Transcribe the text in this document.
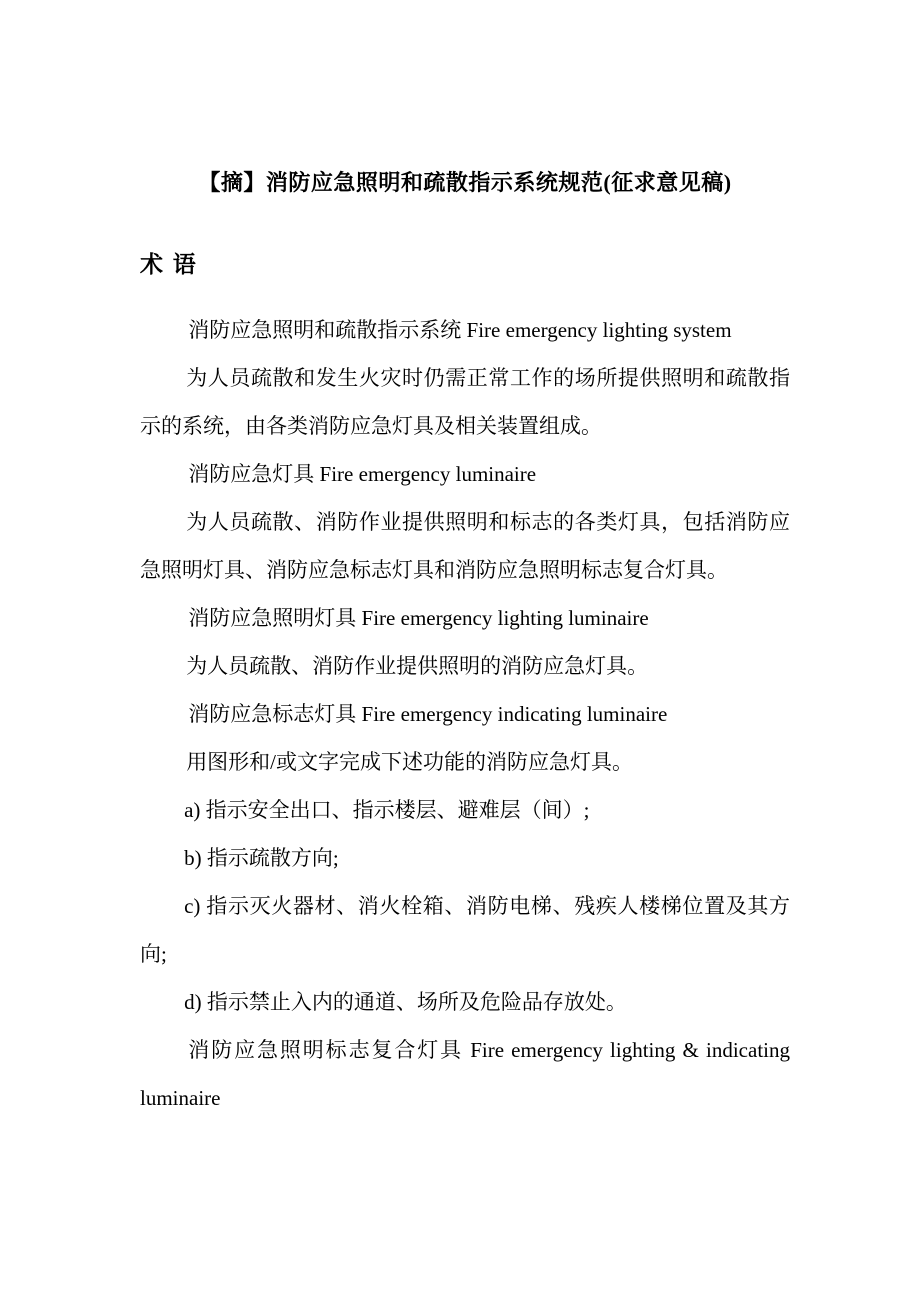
【摘】消防应急照明和疏散指示系统规范(征求意见稿)
术 语

消防应急照明和疏散指示系统 Fire emergency lighting system

为人员疏散和发生火灾时仍需正常工作的场所提供照明和疏散指示的系统，由各类消防应急灯具及相关装置组成。

消防应急灯具 Fire emergency luminaire

为人员疏散、消防作业提供照明和标志的各类灯具，包括消防应急照明灯具、消防应急标志灯具和消防应急照明标志复合灯具。

消防应急照明灯具 Fire emergency lighting luminaire

为人员疏散、消防作业提供照明的消防应急灯具。

消防应急标志灯具 Fire emergency indicating luminaire

用图形和/或文字完成下述功能的消防应急灯具。

a) 指示安全出口、指示楼层、避难层（间）;

b) 指示疏散方向;

c) 指示灭火器材、消火栓箱、消防电梯、残疾人楼梯位置及其方向;

d) 指示禁止入内的通道、场所及危险品存放处。

消防应急照明标志复合灯具 Fire emergency lighting & indicating luminaire
